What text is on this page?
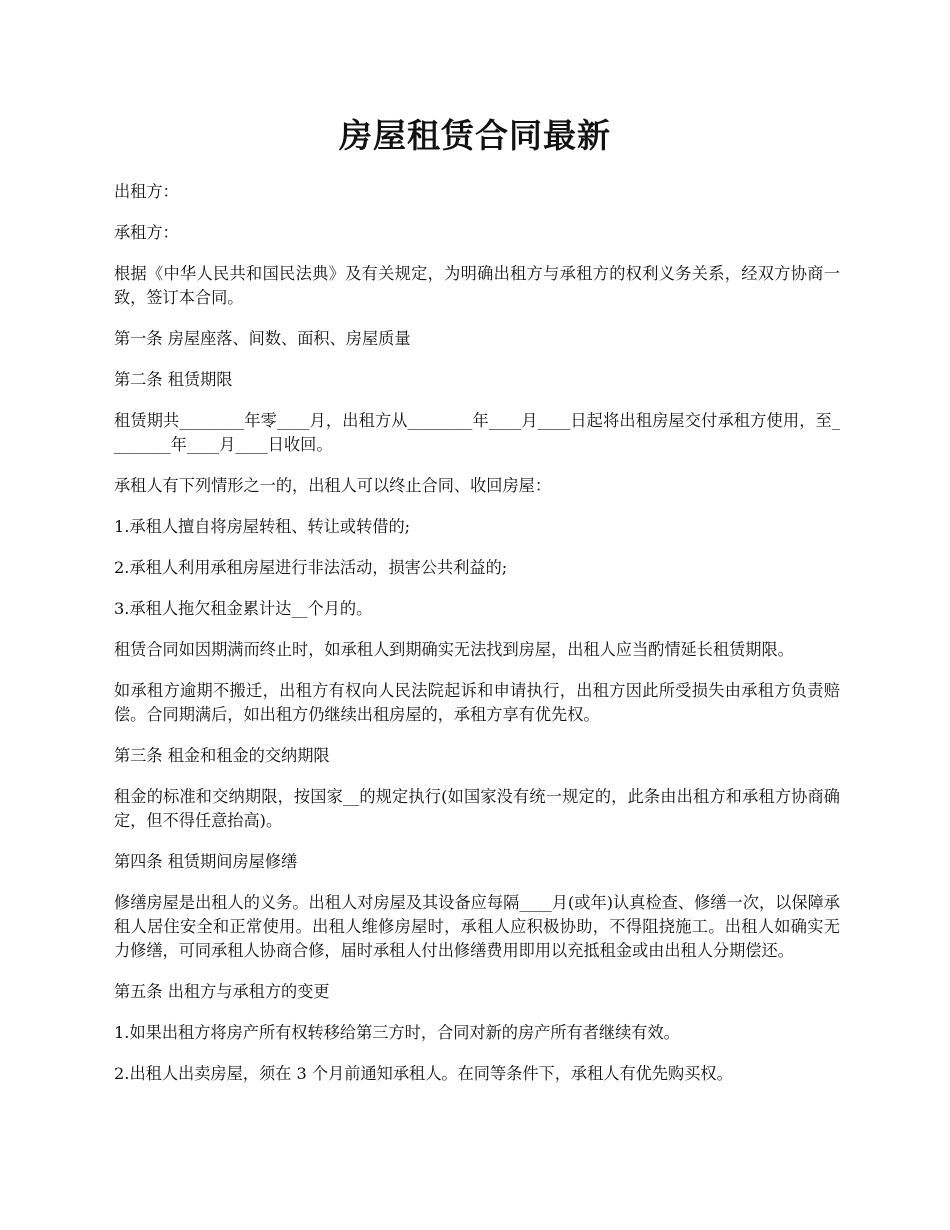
房屋租赁合同最新

出租方：

承租方：

根据《中华人民共和国民法典》及有关规定，为明确出租方与承租方的权利义务关系，经双方协商一致，签订本合同。

第一条 房屋座落、间数、面积、房屋质量

第二条 租赁期限

租赁期共________年零____月，出租方从________年____月____日起将出租房屋交付承租方使用，至________年____月____日收回。

承租人有下列情形之一的，出租人可以终止合同、收回房屋：

1.承租人擅自将房屋转租、转让或转借的;

2.承租人利用承租房屋进行非法活动，损害公共利益的;

3.承租人拖欠租金累计达__个月的。

租赁合同如因期满而终止时，如承租人到期确实无法找到房屋，出租人应当酌情延长租赁期限。

如承租方逾期不搬迁，出租方有权向人民法院起诉和申请执行，出租方因此所受损失由承租方负责赔偿。合同期满后，如出租方仍继续出租房屋的，承租方享有优先权。

第三条 租金和租金的交纳期限

租金的标准和交纳期限，按国家__的规定执行(如国家没有统一规定的，此条由出租方和承租方协商确定，但不得任意抬高)。

第四条 租赁期间房屋修缮

修缮房屋是出租人的义务。出租人对房屋及其设备应每隔____月(或年)认真检查、修缮一次，以保障承租人居住安全和正常使用。出租人维修房屋时，承租人应积极协助，不得阻挠施工。出租人如确实无力修缮，可同承租人协商合修，届时承租人付出修缮费用即用以充抵租金或由出租人分期偿还。

第五条 出租方与承租方的变更

1.如果出租方将房产所有权转移给第三方时，合同对新的房产所有者继续有效。

2.出租人出卖房屋，须在 3 个月前通知承租人。在同等条件下，承租人有优先购买权。
